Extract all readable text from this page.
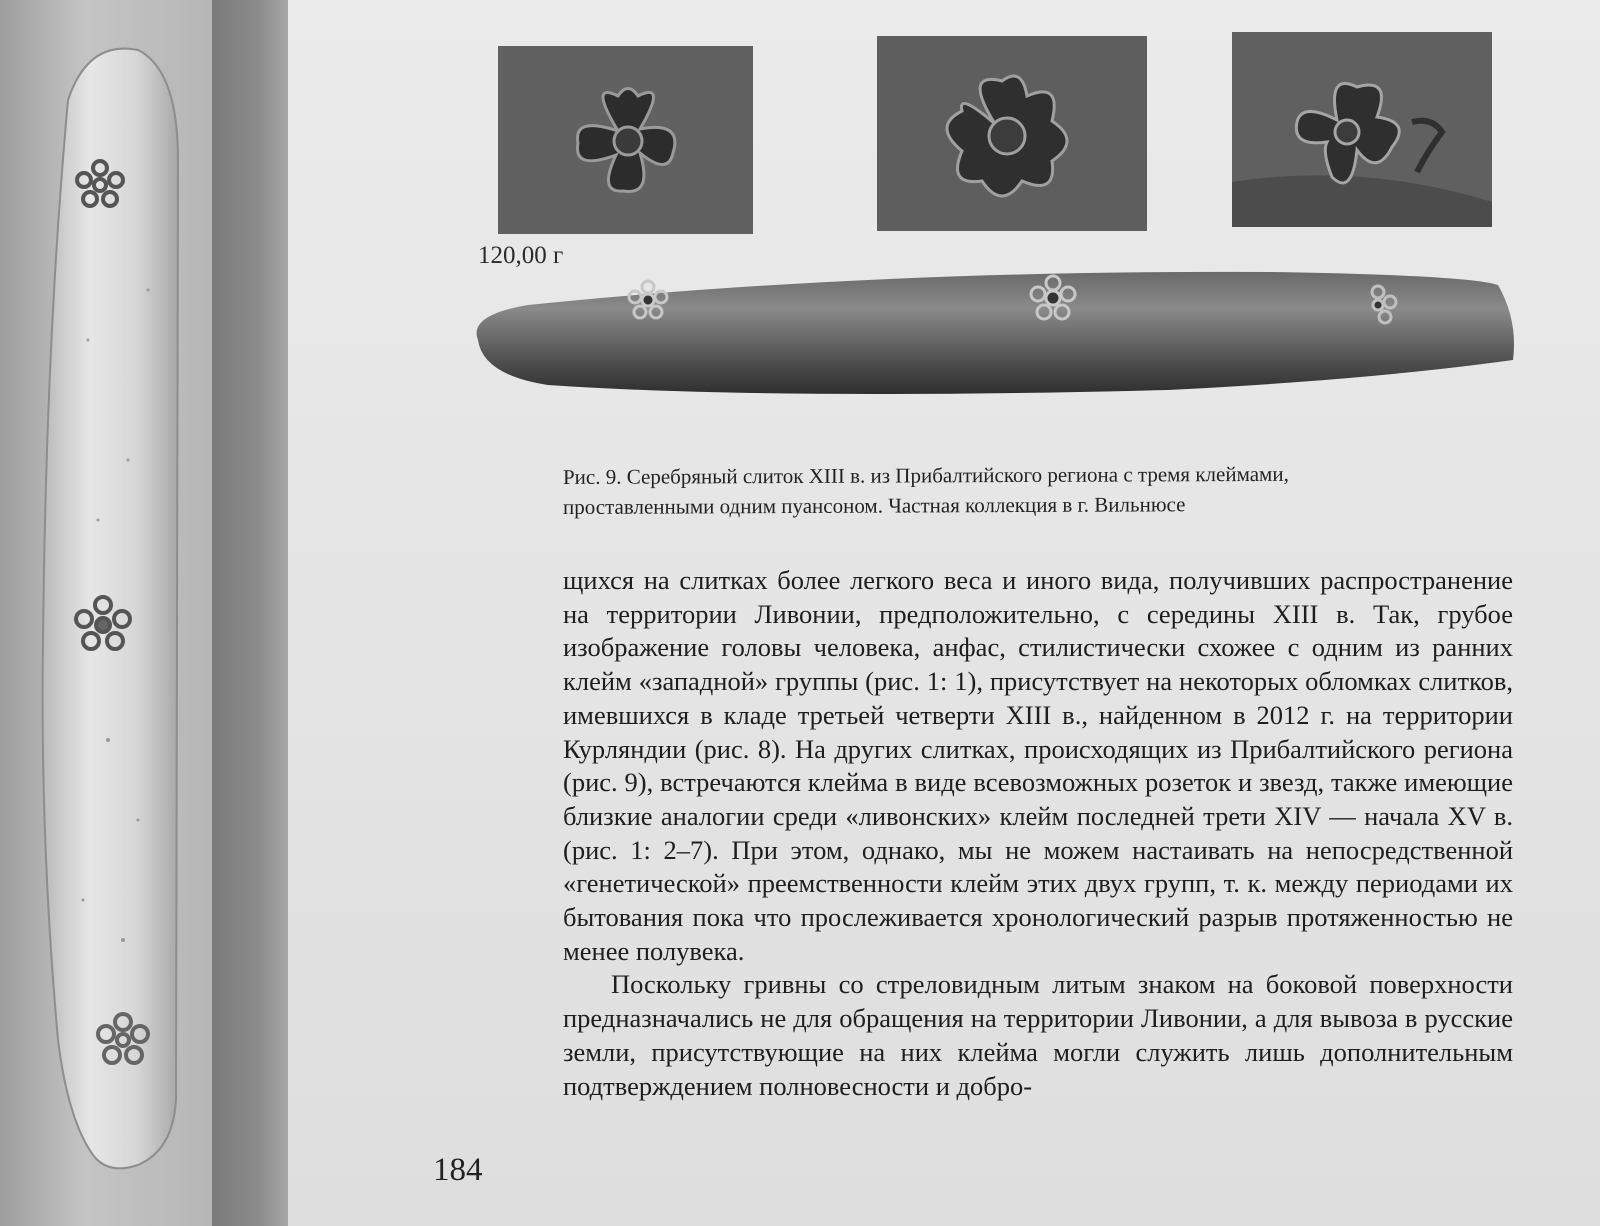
120,00 г

Рис. 9. Серебряный слиток XIII в. из Прибалтийского региона с тремя клеймами,

проставленными одним пуансоном. Частная коллекция в г. Вильнюсе

щихся на слитках более легкого веса и иного вида, получивших распространение на территории Ливонии, предположительно, с середины XIII в. Так, грубое изображение головы человека, анфас, стилистически схожее с одним из ранних клейм «западной» группы (рис. 1: 1), присутствует на некоторых обломках слитков, имевшихся в кладе третьей четверти XIII в., найденном в 2012 г. на территории Курляндии (рис. 8). На других слитках, происходящих из Прибалтийского региона (рис. 9), встречаются клейма в виде всевозможных розеток и звезд, также имеющие близкие аналогии среди «ливонских» клейм последней трети XIV — начала XV в. (рис. 1: 2–7). При этом, однако, мы не можем настаивать на непосредственной «генетической» преемственности клейм этих двух групп, т. к. между периодами их бытования пока что прослеживается хронологический разрыв протяженностью не менее полувека.

Поскольку гривны со стреловидным литым знаком на боковой поверхности предназначались не для обращения на территории Ливонии, а для вывоза в русские земли, присутствующие на них клейма могли служить лишь дополнительным подтверждением полновесности и добро-

184
